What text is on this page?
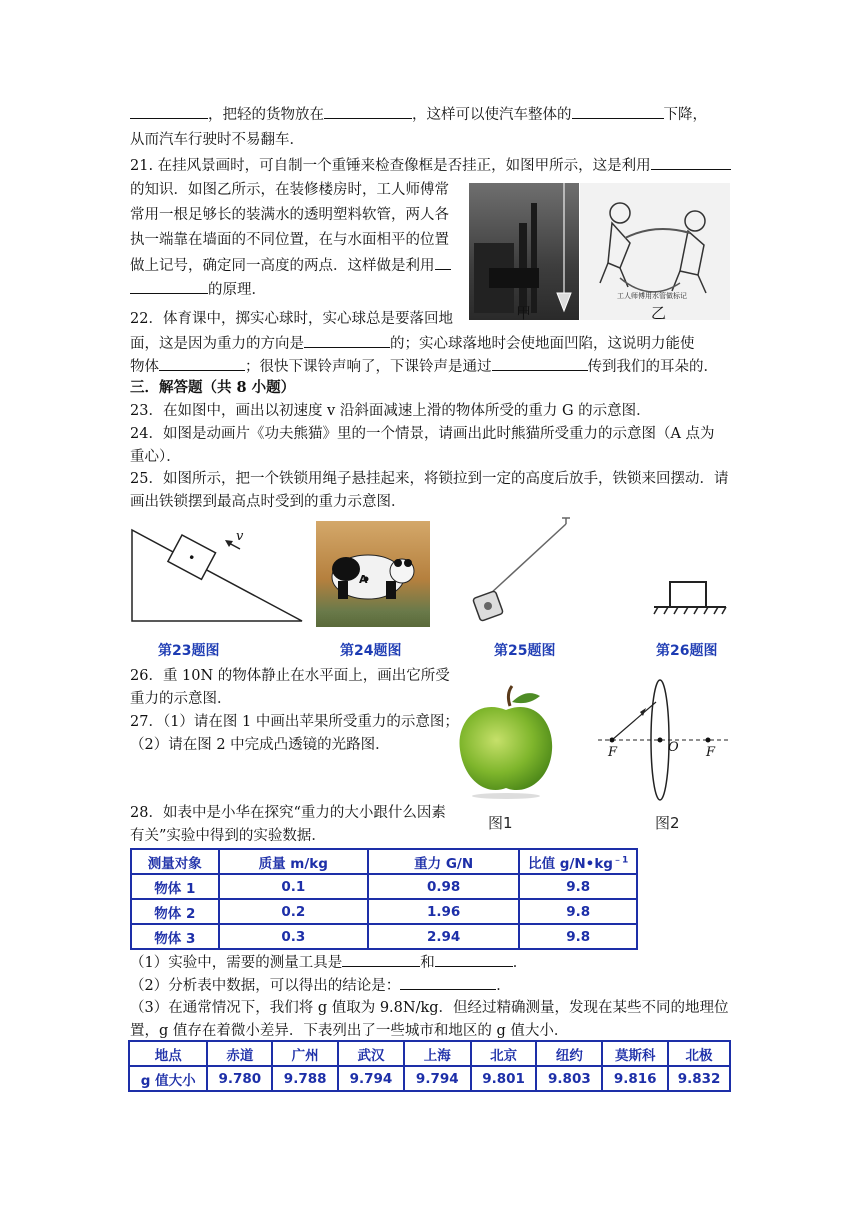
，把轻的货物放在	，这样可以使汽车整体的	下降，
从而汽车行驶时不易翻车．
21. 在挂风景画时，可自制一个重锤来检查像框是否挂正，如图甲所示，这是利用
的知识．如图乙所示，在装修楼房时，工人师傅常
常用一根足够长的装满水的透明塑料软管，两人各
执一端靠在墙面的不同位置，在与水面相平的位置
做上记号，确定同一高度的两点．这样做是利用
的原理．
甲	乙
工人师傅用水管做标记
22．体育课中，掷实心球时，实心球总是要落回地
面，这是因为重力的方向是	的；实心球落地时会使地面凹陷，这说明力能使
物体	；很快下课铃声响了，下课铃声是通过	传到我们的耳朵的．
三．解答题（共 8 小题）
23．在如图中，画出以初速度 v 沿斜面减速上滑的物体所受的重力 G 的示意图．
24．如图是动画片《功夫熊猫》里的一个情景，请画出此时熊猫所受重力的示意图（A 点为
重心）．
25．如图所示，把一个铁锁用绳子悬挂起来，将锁拉到一定的高度后放手，铁锁来回摆动．请
画出铁锁摆到最高点时受到的重力示意图．
v
A
第23题图	第24题图	第25题图	第26题图
26．重 10N 的物体静止在水平面上，画出它所受
重力的示意图．
27．（1）请在图 1 中画出苹果所受重力的示意图；
（2）请在图 2 中完成凸透镜的光路图．	F	O F
图1	图2
28．如表中是小华在探究“重力的大小跟什么因素
有关”实验中得到的实验数据．
测量对象	质量 m/kg	重力 G/N	比值 $g/N•kg^{﹣1}$
物体 1	0.1	0.98	9.8
物体 2	0.2	1.96	9.8
物体 3	0.3	2.94	9.8
（1）实验中，需要的测量工具是	和	．
（2）分析表中数据，可以得出的结论是：	．
（3）在通常情况下，我们将 g 值取为 9.8N/kg．但经过精确测量，发现在某些不同的地理位
置，g 值存在着微小差异．下表列出了一些城市和地区的 g 值大小．
地点	赤道	广州	武汉	上海	北京	纽约	莫斯科	北极
g 值大小	9.780	9.788	9.794	9.794	9.801	9.803	9.816	9.832
